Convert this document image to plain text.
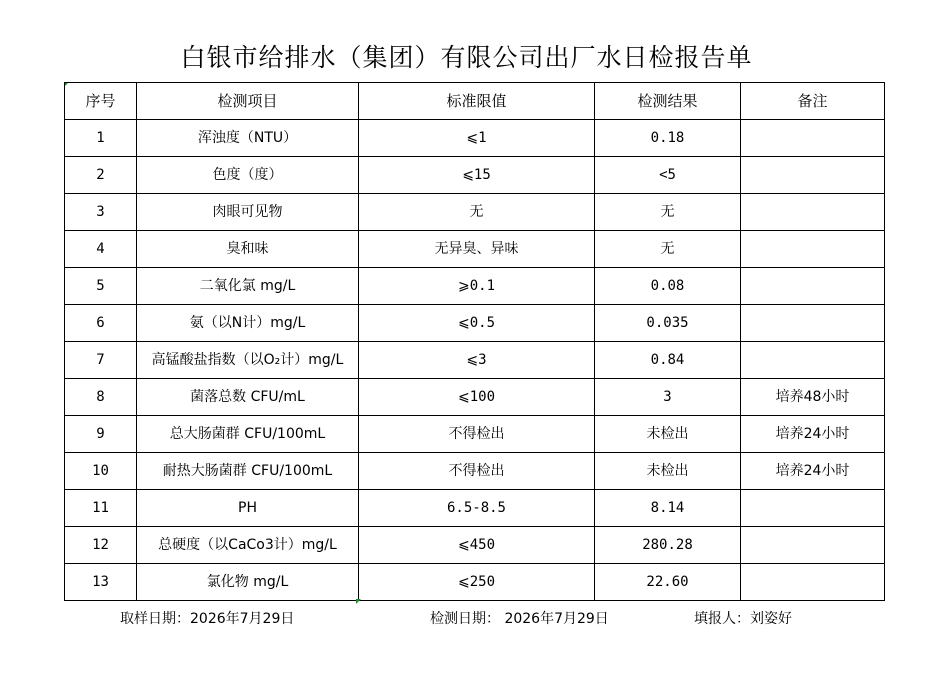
白银市给排水（集团）有限公司出厂水日检报告单
序号	检测项目	标准限值	检测结果	备注
1	浑浊度（NTU）	⩽1	0.18	
2	色度（度）	⩽15	<5	
3	肉眼可见物	无	无	
4	臭和味	无异臭、异味	无	
5	二氧化氯 mg/L	⩾0.1	0.08	
6	氨（以N计）mg/L	⩽0.5	0.035	
7	高锰酸盐指数（以O₂计）mg/L	⩽3	0.84	
8	菌落总数 CFU/mL	⩽100	3	培养48小时
9	总大肠菌群 CFU/100mL	不得检出	未检出	培养24小时
10	耐热大肠菌群 CFU/100mL	不得检出	未检出	培养24小时
11	PH	6.5-8.5	8.14	
12	总硬度（以CaCo3计）mg/L	⩽450	280.28	
13	氯化物 mg/L	⩽250	22.60	
取样日期：2026年7月29日	检测日期： 2026年7月29日	填报人：刘姿好
